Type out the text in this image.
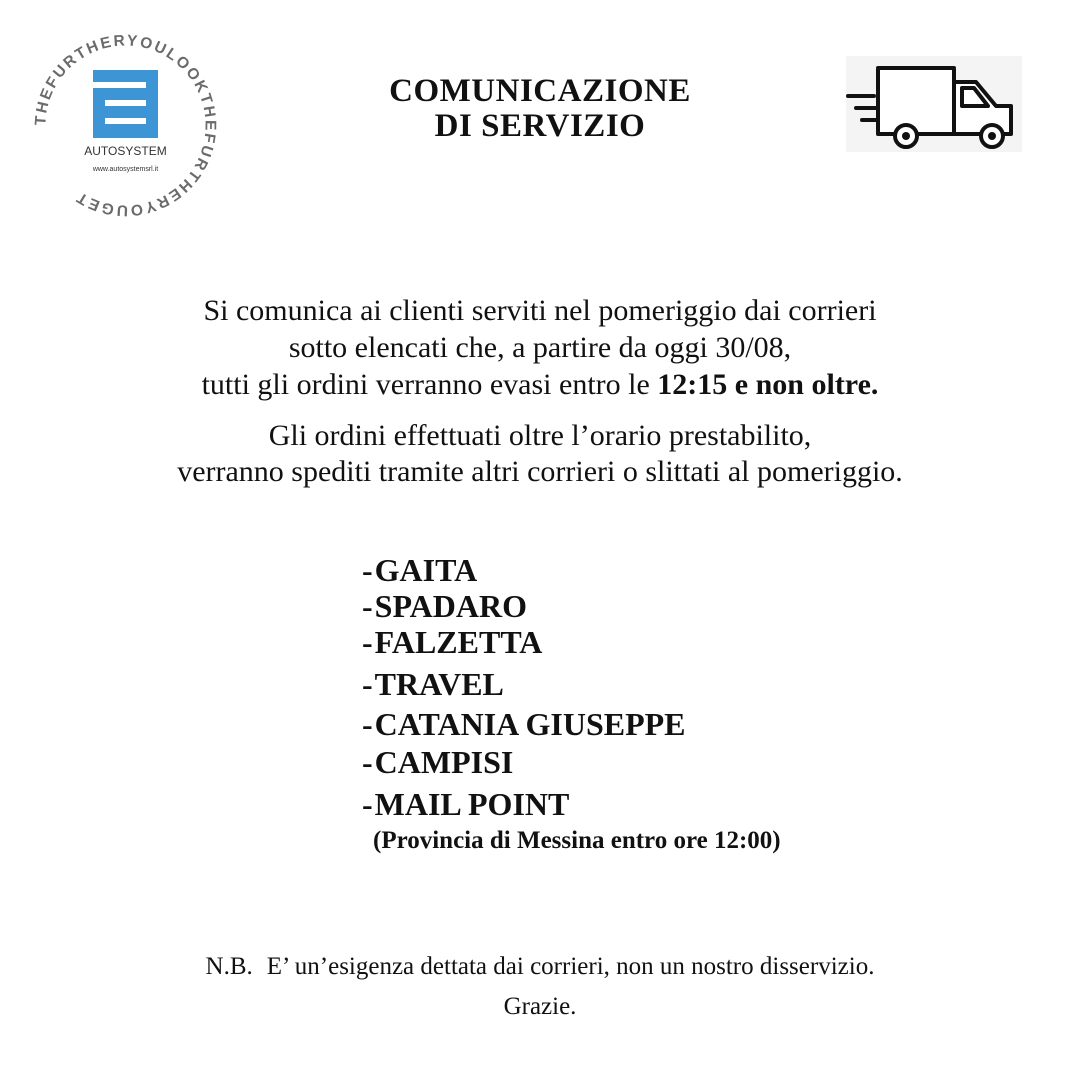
THEFURTHERYOULOOKTHEFURTHERYOUGET
AUTOSYSTEM
www.autosystemsrl.it
COMUNICAZIONE
DI SERVIZIO
Si comunica ai clienti serviti nel pomeriggio dai corrieri
sotto elencati che, a partire da oggi 30/08,
tutti gli ordini verranno evasi entro le 12:15 e non oltre.
Gli ordini effettuati oltre l’orario prestabilito,
verranno spediti tramite altri corrieri o slittati al pomeriggio.
-GAITA
-SPADARO
-FALZETTA
-TRAVEL
-CATANIA GIUSEPPE
-CAMPISI
-MAIL POINT
(Provincia di Messina entro ore 12:00)
N.B. E’ un’esigenza dettata dai corrieri, non un nostro disservizio.
Grazie.
